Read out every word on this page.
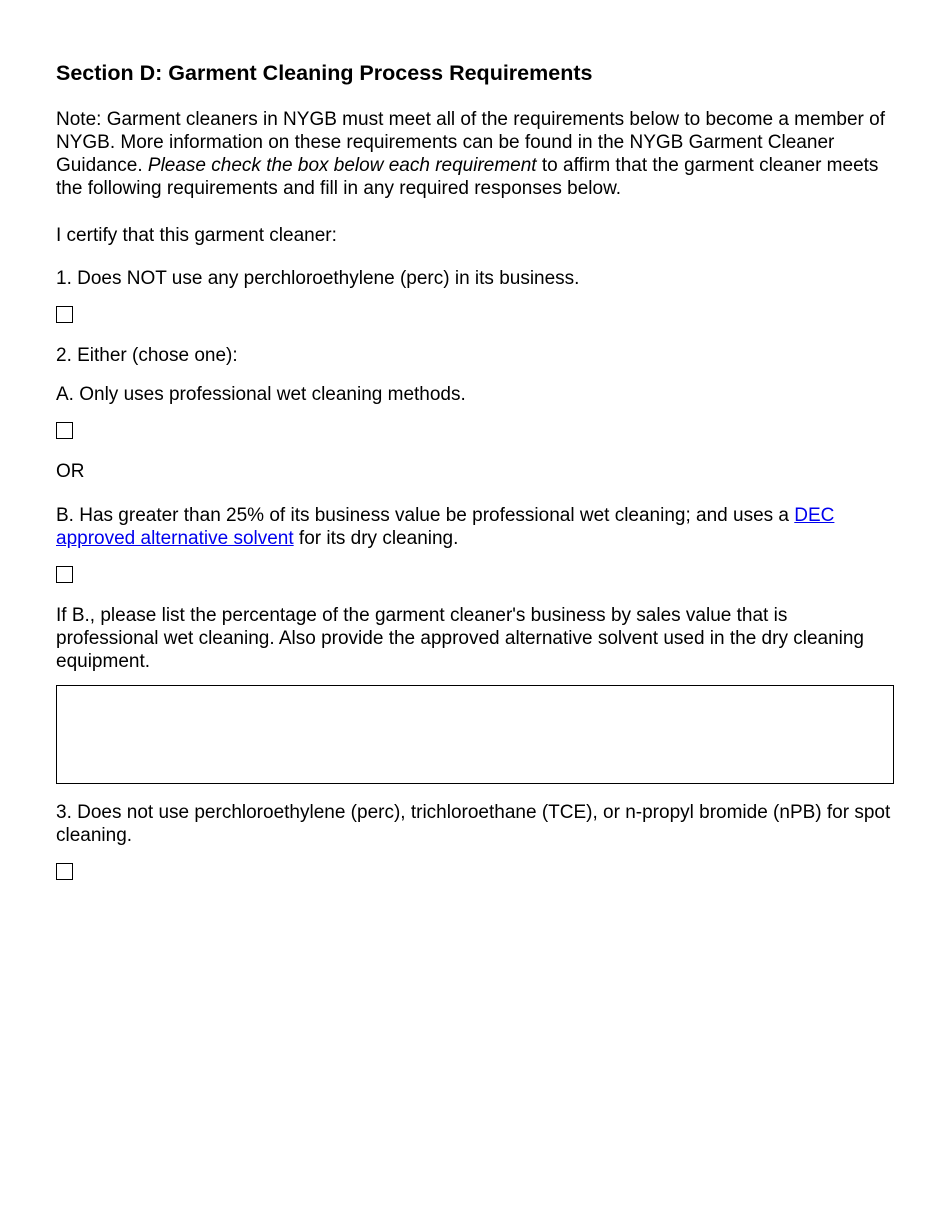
Section D: Garment Cleaning Process Requirements

Note: Garment cleaners in NYGB must meet all of the requirements below to become a member of NYGB. More information on these requirements can be found in the NYGB Garment Cleaner Guidance. Please check the box below each requirement to affirm that the garment cleaner meets the following requirements and fill in any required responses below.

I certify that this garment cleaner:

1. Does NOT use any perchloroethylene (perc) in its business.

2. Either (chose one):

A. Only uses professional wet cleaning methods.

OR

B. Has greater than 25% of its business value be professional wet cleaning; and uses a DEC approved alternative solvent for its dry cleaning.

If B., please list the percentage of the garment cleaner's business by sales value that is professional wet cleaning. Also provide the approved alternative solvent used in the dry cleaning equipment.

3. Does not use perchloroethylene (perc), trichloroethane (TCE), or n-propyl bromide (nPB) for spot cleaning.
